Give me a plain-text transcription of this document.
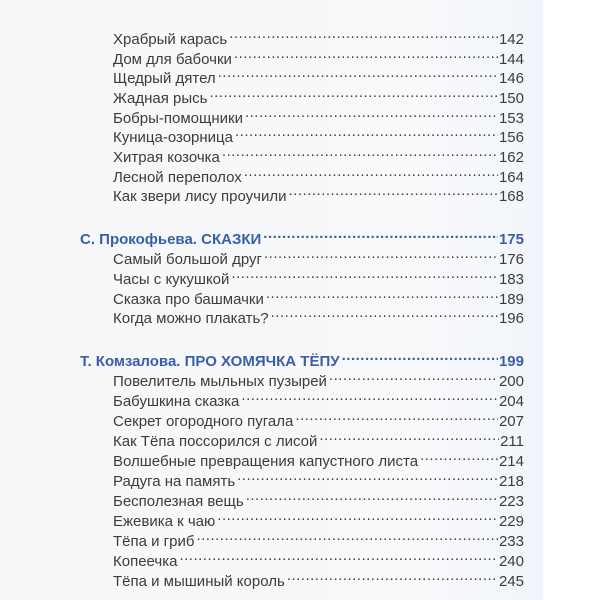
Храбрый карась .....	142
Дом для бабочки .....	144
Щедрый дятел .....	146
Жадная рысь .....	150
Бобры-помощники .....	153
Куница-озорница .....	156
Хитрая козочка .....	162
Лесной переполох .....	164
Как звери лису проучили .....	168
С. Прокофьева. СКАЗКИ .....	175
Самый большой друг .....	176
Часы с кукушкой .....	183
Сказка про башмачки .....	189
Когда можно плакать? .....	196
Т. Комзалова. ПРО ХОМЯЧКА ТЁПУ .....	199
Повелитель мыльных пузырей .....	200
Бабушкина сказка .....	204
Секрет огородного пугала .....	207
Как Тёпа поссорился с лисой .....	211
Волшебные превращения капустного листа .....	214
Радуга на память .....	218
Бесполезная вещь .....	223
Ежевика к чаю .....	229
Тёпа и гриб .....	233
Копеечка .....	240
Тёпа и мышиный король .....	245
